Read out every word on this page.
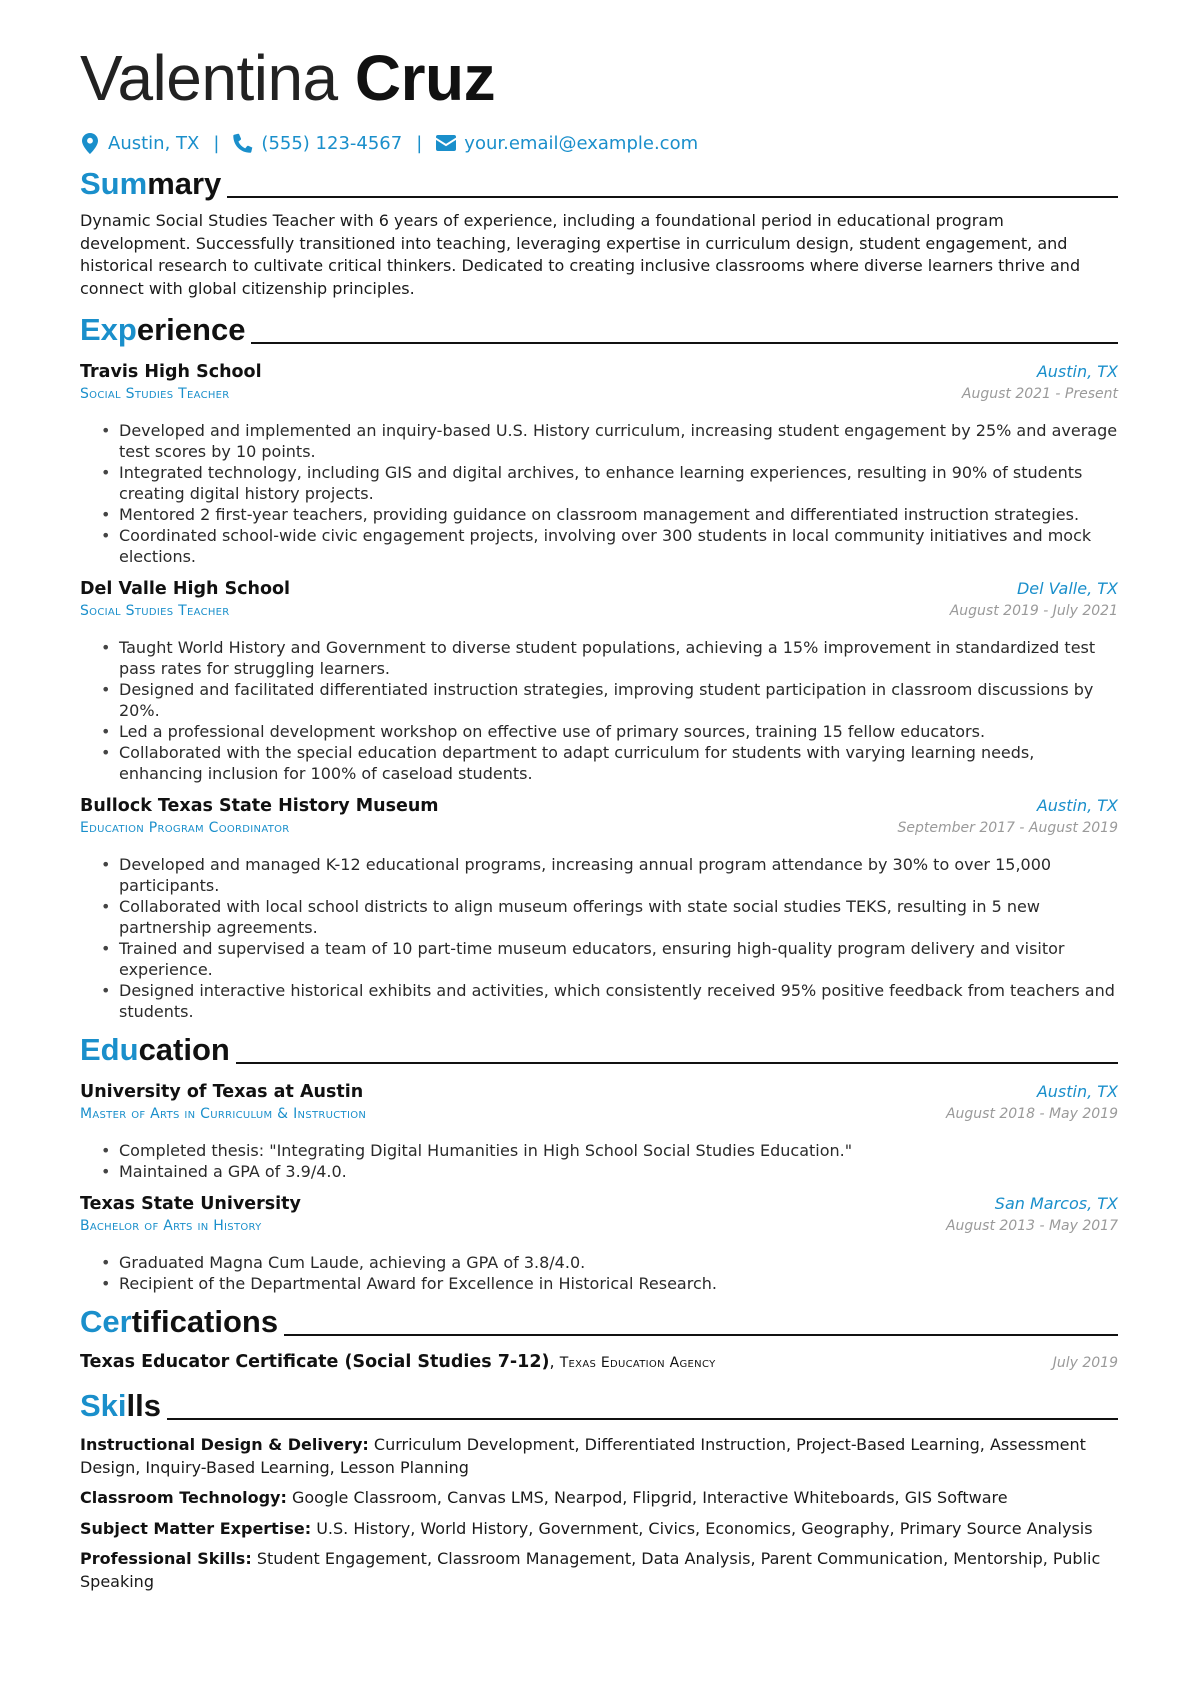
Valentina Cruz
Austin, TX | (555) 123-4567 | your.email@example.com
Summary

Dynamic Social Studies Teacher with 6 years of experience, including a foundational period in educational program development. Successfully transitioned into teaching, leveraging expertise in curriculum design, student engagement, and historical research to cultivate critical thinkers. Dedicated to creating inclusive classrooms where diverse learners thrive and connect with global citizenship principles.

Experience
Travis High School	Austin, TX
Social Studies Teacher	August 2021 - Present
• Developed and implemented an inquiry-based U.S. History curriculum, increasing student engagement by 25% and average test scores by 10 points.
• Integrated technology, including GIS and digital archives, to enhance learning experiences, resulting in 90% of students creating digital history projects.
• Mentored 2 first-year teachers, providing guidance on classroom management and differentiated instruction strategies.
• Coordinated school-wide civic engagement projects, involving over 300 students in local community initiatives and mock elections.
Del Valle High School	Del Valle, TX
Social Studies Teacher	August 2019 - July 2021
• Taught World History and Government to diverse student populations, achieving a 15% improvement in standardized test pass rates for struggling learners.
• Designed and facilitated differentiated instruction strategies, improving student participation in classroom discussions by 20%.
• Led a professional development workshop on effective use of primary sources, training 15 fellow educators.
• Collaborated with the special education department to adapt curriculum for students with varying learning needs, enhancing inclusion for 100% of caseload students.
Bullock Texas State History Museum	Austin, TX
Education Program Coordinator	September 2017 - August 2019
• Developed and managed K-12 educational programs, increasing annual program attendance by 30% to over 15,000 participants.
• Collaborated with local school districts to align museum offerings with state social studies TEKS, resulting in 5 new partnership agreements.
• Trained and supervised a team of 10 part-time museum educators, ensuring high-quality program delivery and visitor experience.
• Designed interactive historical exhibits and activities, which consistently received 95% positive feedback from teachers and students.
Education
University of Texas at Austin	Austin, TX
Master of Arts in Curriculum & Instruction	August 2018 - May 2019
• Completed thesis: "Integrating Digital Humanities in High School Social Studies Education."
• Maintained a GPA of 3.9/4.0.
Texas State University	San Marcos, TX
Bachelor of Arts in History	August 2013 - May 2017
• Graduated Magna Cum Laude, achieving a GPA of 3.8/4.0.
• Recipient of the Departmental Award for Excellence in Historical Research.
Certifications
Texas Educator Certificate (Social Studies 7-12), Texas Education Agency	July 2019
Skills

Instructional Design & Delivery: Curriculum Development, Differentiated Instruction, Project-Based Learning, Assessment Design, Inquiry-Based Learning, Lesson Planning

Classroom Technology: Google Classroom, Canvas LMS, Nearpod, Flipgrid, Interactive Whiteboards, GIS Software

Subject Matter Expertise: U.S. History, World History, Government, Civics, Economics, Geography, Primary Source Analysis

Professional Skills: Student Engagement, Classroom Management, Data Analysis, Parent Communication, Mentorship, Public Speaking
